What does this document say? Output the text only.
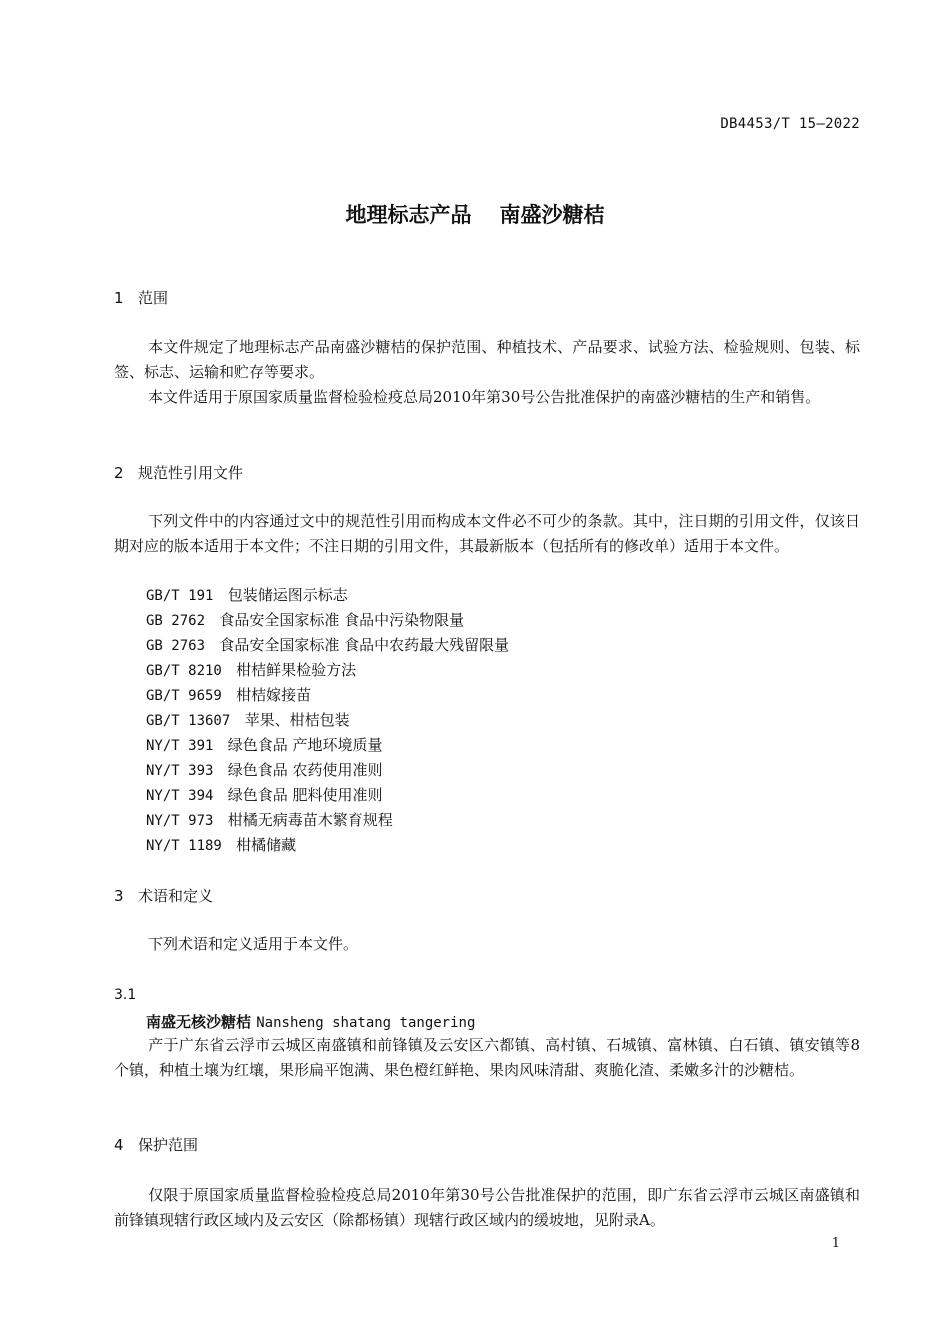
DB4453/T 15—2022
地理标志产品 南盛沙糖桔
1 范围
本文件规定了地理标志产品南盛沙糖桔的保护范围、种植技术、产品要求、试验方法、检验规则、包装、标签、标志、运输和贮存等要求。
本文件适用于原国家质量监督检验检疫总局2010年第30号公告批准保护的南盛沙糖桔的生产和销售。
2 规范性引用文件
下列文件中的内容通过文中的规范性引用而构成本文件必不可少的条款。其中，注日期的引用文件，仅该日期对应的版本适用于本文件；不注日期的引用文件，其最新版本（包括所有的修改单）适用于本文件。
GB/T 191 包装储运图示标志
GB 2762 食品安全国家标准 食品中污染物限量
GB 2763 食品安全国家标准 食品中农药最大残留限量
GB/T 8210 柑桔鲜果检验方法
GB/T 9659 柑桔嫁接苗
GB/T 13607 苹果、柑桔包装
NY/T 391 绿色食品 产地环境质量
NY/T 393 绿色食品 农药使用准则
NY/T 394 绿色食品 肥料使用准则
NY/T 973 柑橘无病毒苗木繁育规程
NY/T 1189 柑橘储藏
3 术语和定义
下列术语和定义适用于本文件。
3.1
南盛无核沙糖桔 Nansheng shatang tangering
产于广东省云浮市云城区南盛镇和前锋镇及云安区六都镇、高村镇、石城镇、富林镇、白石镇、镇安镇等8个镇，种植土壤为红壤，果形扁平饱满、果色橙红鲜艳、果肉风味清甜、爽脆化渣、柔嫩多汁的沙糖桔。
4 保护范围
仅限于原国家质量监督检验检疫总局2010年第30号公告批准保护的范围，即广东省云浮市云城区南盛镇和前锋镇现辖行政区域内及云安区（除都杨镇）现辖行政区域内的缓坡地，见附录A。
1
